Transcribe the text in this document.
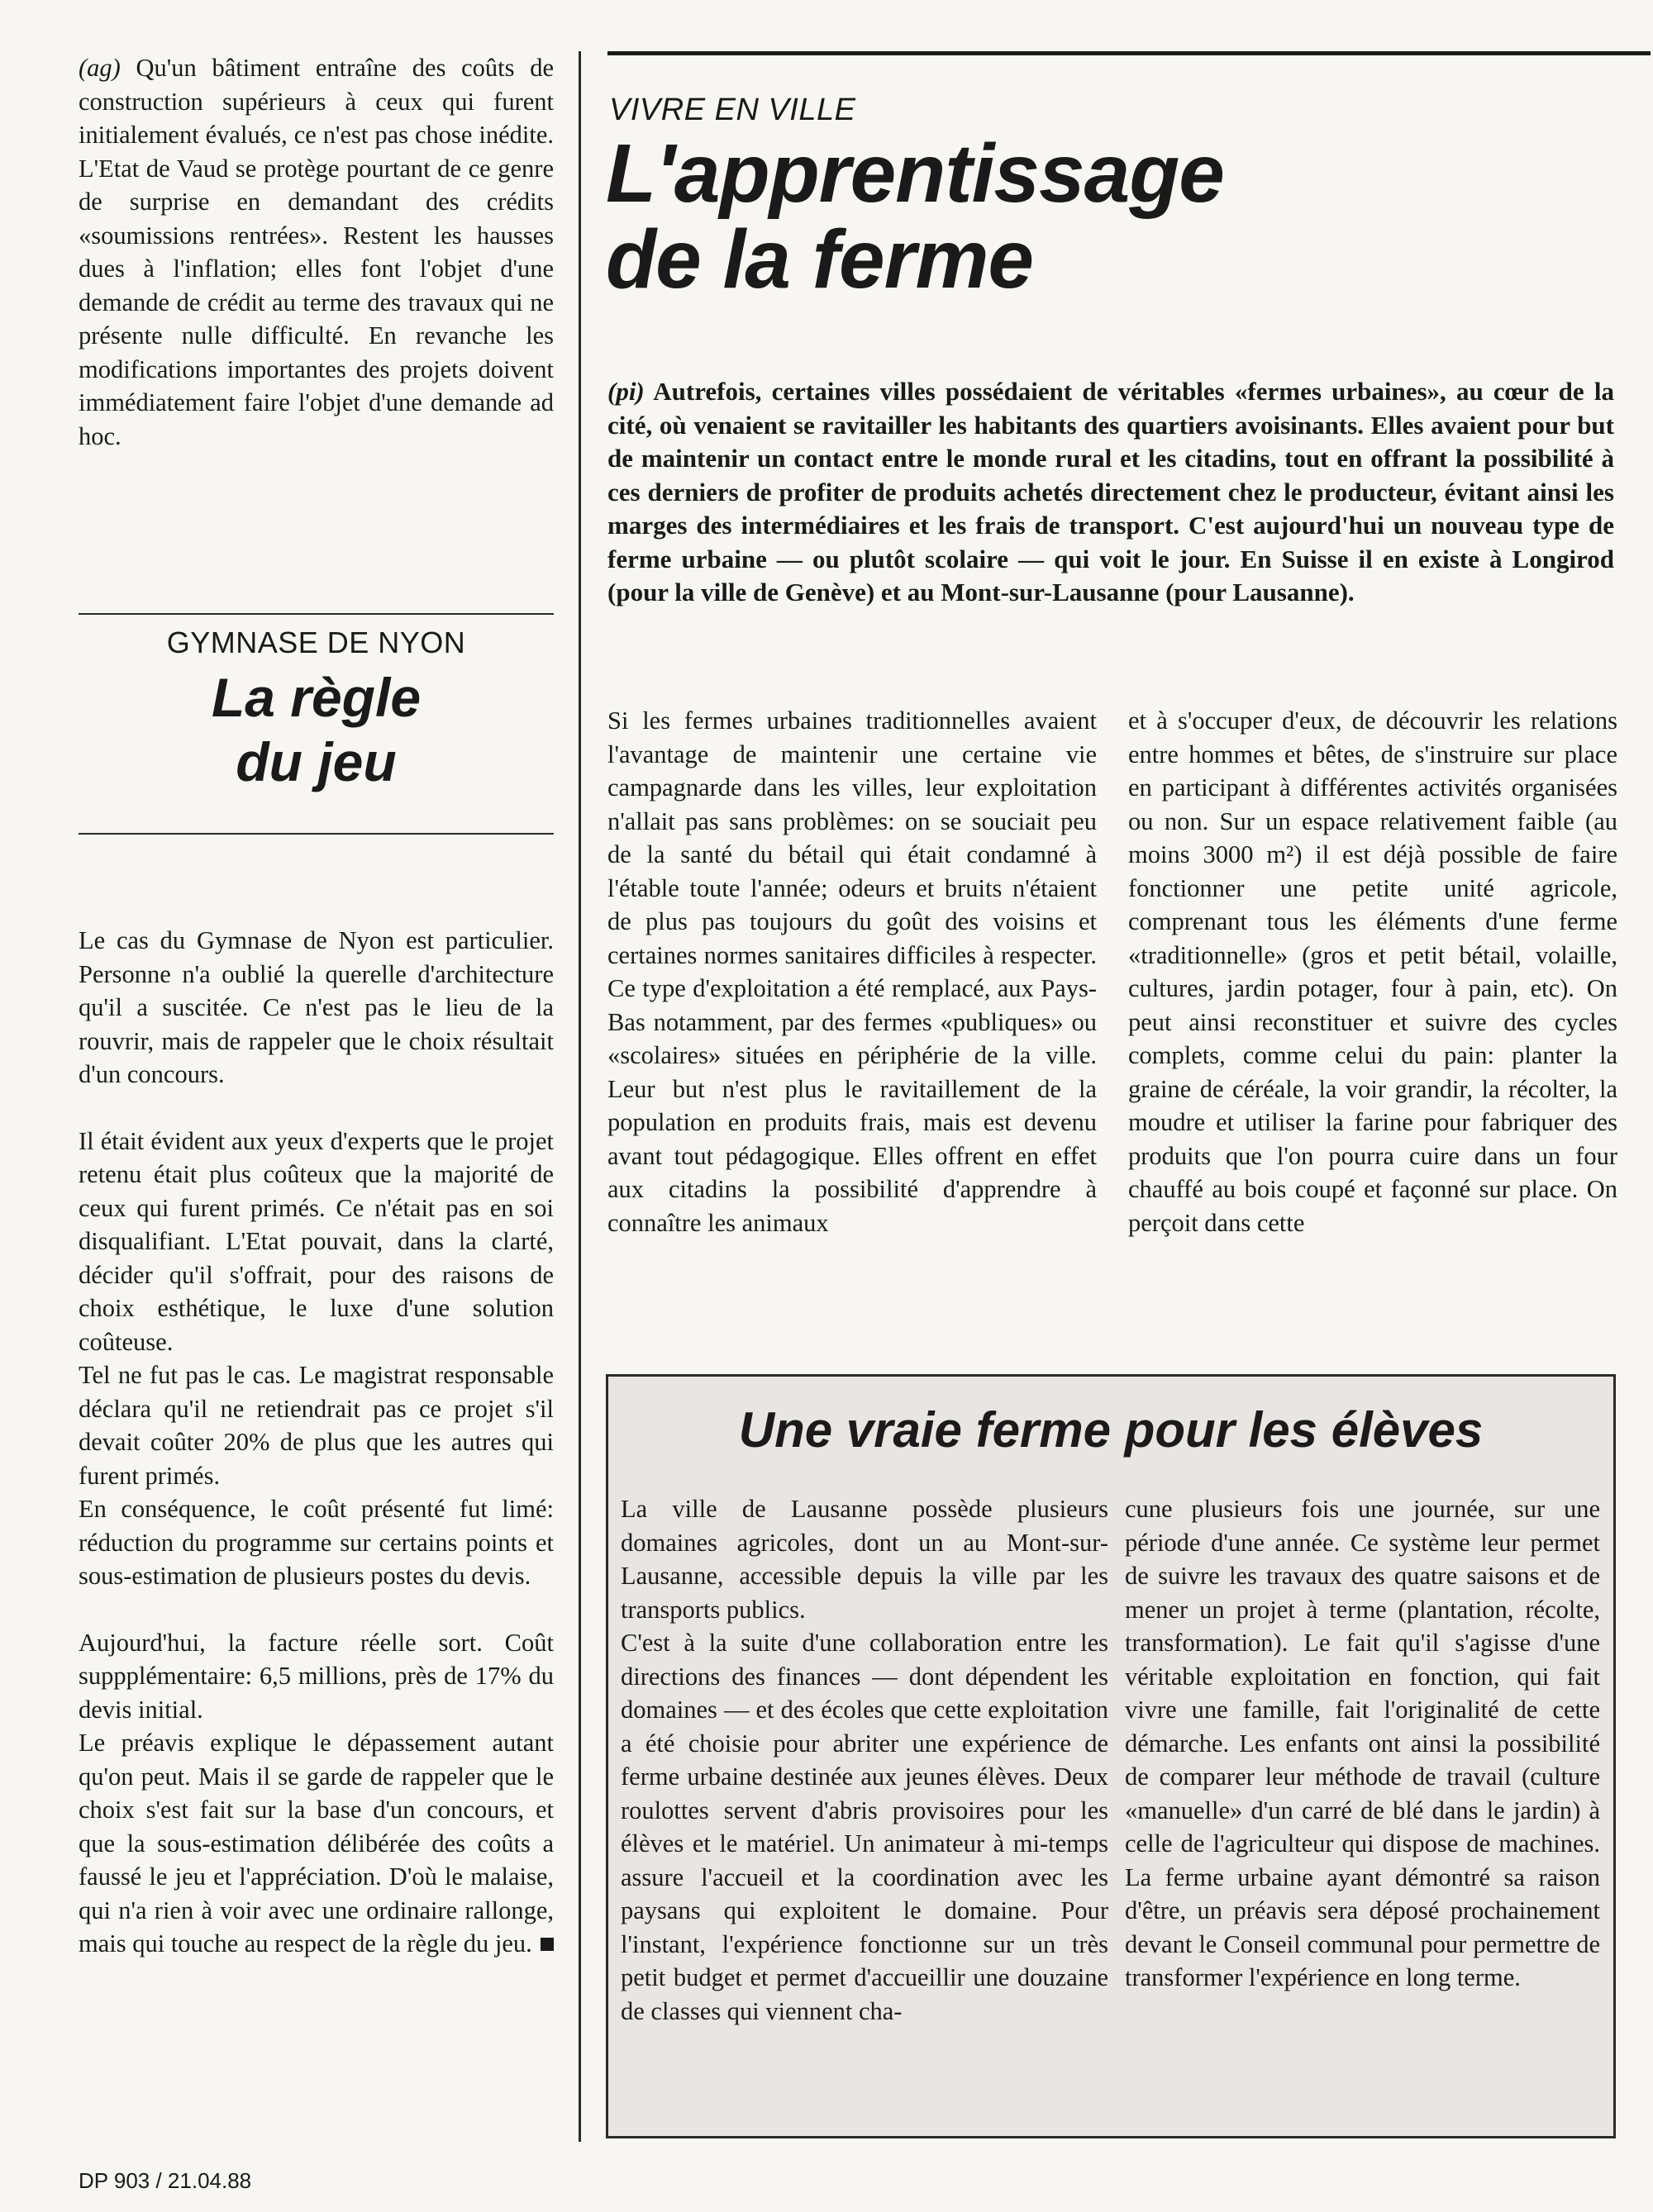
(ag) Qu'un bâtiment entraîne des coûts de construction supérieurs à ceux qui furent initialement évalués, ce n'est pas chose inédite. L'Etat de Vaud se protège pourtant de ce genre de surprise en demandant des crédits «soumissions rentrées». Restent les hausses dues à l'inflation; elles font l'objet d'une demande de crédit au terme des travaux qui ne présente nulle difficulté. En revanche les modifications importantes des projets doivent immédiatement faire l'objet d'une demande ad hoc.

GYMNASE DE NYON
La règle
du jeu

Le cas du Gymnase de Nyon est particulier. Personne n'a oublié la querelle d'architecture qu'il a suscitée. Ce n'est pas le lieu de la rouvrir, mais de rappeler que le choix résultait d'un concours.

Il était évident aux yeux d'experts que le projet retenu était plus coûteux que la majorité de ceux qui furent primés. Ce n'était pas en soi disqualifiant. L'Etat pouvait, dans la clarté, décider qu'il s'offrait, pour des raisons de choix esthétique, le luxe d'une solution coûteuse.

Tel ne fut pas le cas. Le magistrat responsable déclara qu'il ne retiendrait pas ce projet s'il devait coûter 20% de plus que les autres qui furent primés.

En conséquence, le coût présenté fut limé: réduction du programme sur certains points et sous-estimation de plusieurs postes du devis.

Aujourd'hui, la facture réelle sort. Coût suppplémentaire: 6,5 millions, près de 17% du devis initial.

Le préavis explique le dépassement autant qu'on peut. Mais il se garde de rappeler que le choix s'est fait sur la base d'un concours, et que la sous-estimation délibérée des coûts a faussé le jeu et l'appréciation. D'où le malaise, qui n'a rien à voir avec une ordinaire rallonge, mais qui touche au respect de la règle du jeu.

VIVRE EN VILLE
L'apprentissage
de la ferme
(pi) Autrefois, certaines villes possédaient de véritables «fermes urbaines», au cœur de la cité, où venaient se ravitailler les habitants des quartiers avoisinants. Elles avaient pour but de maintenir un contact entre le monde rural et les citadins, tout en offrant la possibilité à ces derniers de profiter de produits achetés directement chez le producteur, évitant ainsi les marges des intermédiaires et les frais de transport. C'est aujourd'hui un nouveau type de ferme urbaine — ou plutôt scolaire — qui voit le jour. En Suisse il en existe à Longirod (pour la ville de Genève) et au Mont-sur-Lausanne (pour Lausanne).
Si les fermes urbaines traditionnelles avaient l'avantage de maintenir une certaine vie campagnarde dans les villes, leur exploitation n'allait pas sans problèmes: on se souciait peu de la santé du bétail qui était condamné à l'étable toute l'année; odeurs et bruits n'étaient de plus pas toujours du goût des voisins et certaines normes sanitaires difficiles à respecter. Ce type d'exploitation a été remplacé, aux Pays-Bas notamment, par des fermes «publiques» ou «scolaires» situées en périphérie de la ville. Leur but n'est plus le ravitaillement de la population en produits frais, mais est devenu avant tout pédagogique. Elles offrent en effet aux citadins la possibilité d'apprendre à connaître les animaux
et à s'occuper d'eux, de découvrir les relations entre hommes et bêtes, de s'instruire sur place en participant à différentes activités organisées ou non. Sur un espace relativement faible (au moins 3000 m²) il est déjà possible de faire fonctionner une petite unité agricole, comprenant tous les éléments d'une ferme «traditionnelle» (gros et petit bétail, volaille, cultures, jardin potager, four à pain, etc). On peut ainsi reconstituer et suivre des cycles complets, comme celui du pain: planter la graine de céréale, la voir grandir, la récolter, la moudre et utiliser la farine pour fabriquer des produits que l'on pourra cuire dans un four chauffé au bois coupé et façonné sur place. On perçoit dans cette
Une vraie ferme pour les élèves

La ville de Lausanne possède plusieurs domaines agricoles, dont un au Mont-sur-Lausanne, accessible depuis la ville par les transports publics.

C'est à la suite d'une collaboration entre les directions des finances — dont dépendent les domaines — et des écoles que cette exploitation a été choisie pour abriter une expérience de ferme urbaine destinée aux jeunes élèves. Deux roulottes servent d'abris provisoires pour les élèves et le matériel. Un animateur à mi-temps assure l'accueil et la coordination avec les paysans qui exploitent le domaine. Pour l'instant, l'expérience fonctionne sur un très petit budget et permet d'accueillir une douzaine de classes qui viennent cha-

cune plusieurs fois une journée, sur une période d'une année. Ce système leur permet de suivre les travaux des quatre saisons et de mener un projet à terme (plantation, récolte, transformation). Le fait qu'il s'agisse d'une véritable exploitation en fonction, qui fait vivre une famille, fait l'originalité de cette démarche. Les enfants ont ainsi la possibilité de comparer leur méthode de travail (culture «manuelle» d'un carré de blé dans le jardin) à celle de l'agriculteur qui dispose de machines. La ferme urbaine ayant démontré sa raison d'être, un préavis sera déposé prochainement devant le Conseil communal pour permettre de transformer l'expérience en long terme.
DP 903 / 21.04.88
